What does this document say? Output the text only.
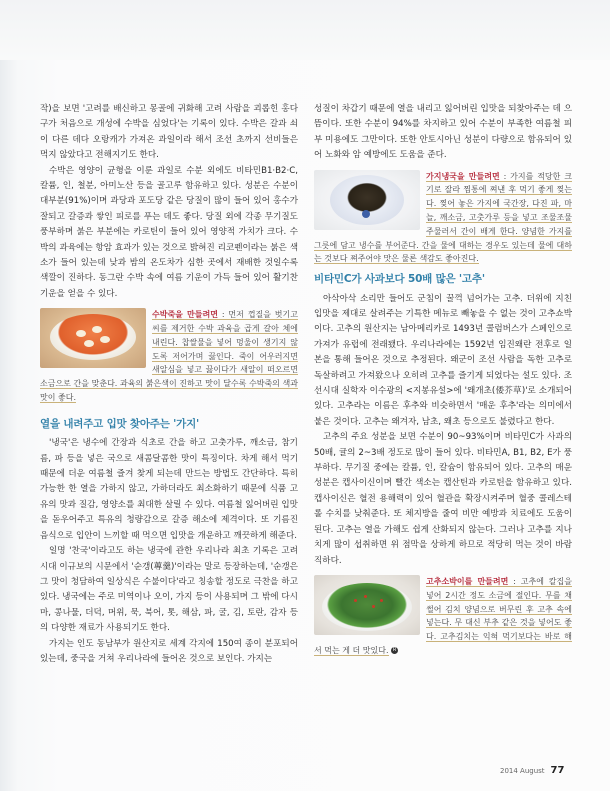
작)을 보면 '고려를 배신하고 몽골에 귀화해 고려 사람을 괴롭힌 홍다구가 처음으로 개성에 수박을 심었다'는 기록이 있다. 수박은 갈과 쇠이 다른 데다 오랑캐가 가져온 과일이라 해서 조선 초까지 선비들은 먹지 않았다고 전해지기도 한다.

수박은 영양이 균형을 이룬 과일로 수분 외에도 비타민B1·B2·C, 칼륨, 인, 철분, 아미노산 등을 골고루 함유하고 있다. 성분은 수분이 대부분(91%)이며 과당과 포도당 같은 당질이 많이 들어 있어 홍수가 잘되고 갈증과 쌓인 피로를 푸는 데도 좋다. 당질 외에 각종 무기질도 풍부하며 붉은 부분에는 카로틴이 들어 있어 영양적 가치가 크다. 수박의 과육에는 항암 효과가 있는 것으로 밝혀진 리코펜이라는 붉은 색소가 들어 있는데 낮과 밤의 온도차가 심한 곳에서 재배한 것일수록 색깔이 진하다. 동그란 수박 속에 여름 기운이 가득 들어 있어 활기찬 기운을 얻을 수 있다.

수박죽을 만들려면 : 먼저 껍질을 벗기고 씨를 제거한 수박 과육을 곱게 갈아 체에 내린다. 찹쌀물을 넣어 멍울이 생기지 않도록 저어가며 끓인다. 죽이 어우러지면 새알심을 넣고 끓이다가 새알이 떠오르면 소금으로 간을 맞춘다. 과육의 붉은색이 진하고 맛이 달수록 수박죽의 색과 맛이 좋다.
열을 내려주고 입맛 찾아주는 '가지'

'냉국'은 냉수에 간장과 식초로 간을 하고 고춧가루, 깨소금, 참기름, 파 등을 넣은 국으로 새콤달콤한 맛이 특징이다. 차게 해서 먹기 때문에 더운 여름철 즐겨 찾게 되는데 만드는 방법도 간단하다. 특히 가능한 한 열을 가하지 않고, 가하더라도 최소화하기 때문에 식품 고유의 맛과 질감, 영양소를 최대한 살릴 수 있다. 여름철 잃어버린 입맛을 돋우어주고 특유의 청량감으로 갈증 해소에 제격이다. 또 기름진 음식으로 입안이 느끼할 때 먹으면 입맛을 개운하고 깨끗하게 해준다.

일명 '찬국'이라고도 하는 냉국에 관한 우리나라 최초 기록은 고려시대 이규보의 시문에서 '순갱(蓴羹)'이라는 말로 등장하는데, '순갱은 그 맛이 청담하여 일상식은 수불이다'라고 칭송할 정도로 극찬을 하고 있다. 냉국에는 주로 미역이나 오이, 가지 등이 사용되며 그 밖에 다시마, 콩나물, 더덕, 머위, 묵, 북어, 톳, 해삼, 파, 굴, 김, 토란, 감자 등의 다양한 재료가 사용되기도 한다.

가지는 인도 동남부가 원산지로 세계 각지에 150여 종이 분포되어 있는데, 중국을 거쳐 우리나라에 들어온 것으로 보인다. 가지는

성질이 차갑기 때문에 열을 내리고 잃어버린 입맛을 되찾아주는 데 으뜸이다. 또한 수분이 94%를 차지하고 있어 수분이 부족한 여름철 피부 미용에도 그만이다. 또한 안토시아닌 성분이 다량으로 함유되어 있어 노화와 암 예방에도 도움을 준다.

가지냉국을 만들려면 : 가지를 적당한 크기로 잘라 찜통에 쪄낸 후 먹기 좋게 찢는다. 찢어 놓은 가지에 국간장, 다진 파, 마늘, 깨소금, 고춧가루 등을 넣고 조물조물 주물러서 간이 배게 한다. 양념한 가지를 그릇에 담고 냉수를 부어준다. 간을 물에 대하는 경우도 있는데 물에 대하는 것보다 쪄주어야 맛은 물론 색감도 좋아진다.
비타민C가 사과보다 50배 많은 '고추'

아삭아삭 소리만 들어도 군침이 꿀꺽 넘어가는 고추. 더위에 지친 입맛을 제대로 살려주는 기특한 메뉴로 빼놓을 수 없는 것이 고추쇼박이다. 고추의 원산지는 남아메리카로 1493년 콜럼버스가 스페인으로 가져가 유럽에 전래됐다. 우리나라에는 1592년 임진왜란 전후로 일본을 통해 들어온 것으로 추정된다. 왜군이 조선 사람을 독한 고추로 독살하려고 가져왔으나 오히려 고추를 즐기게 되었다는 설도 있다. 조선시대 실학자 이수광의 <지봉유설>에 '왜개초(倭芥草)'로 소개되어 있다. 고추라는 이름은 후추와 비슷하면서 '매운 후추'라는 의미에서 붙은 것이다. 고추는 왜겨자, 남초, 왜초 등으로도 불렸다고 한다.

고추의 주요 성분을 보면 수분이 90~93%이며 비타민C가 사과의 50배, 귤의 2~3배 정도로 많이 들어 있다. 비타민A, B1, B2, E가 풍부하다. 무기질 중에는 칼륨, 인, 칼슘이 함유되어 있다. 고추의 매운 성분은 캡사이신이며 빨간 색소는 캡산틴과 카로틴을 함유하고 있다. 캡사이신은 혈전 용해력이 있어 혈관을 확장시켜주며 혈중 콜레스테롤 수치를 낮춰준다. 또 체지방을 줄여 비만 예방과 치료에도 도움이 된다. 고추는 열을 가해도 쉽게 산화되지 않는다. 그러나 고추를 지나치게 많이 섭취하면 위 점막을 상하게 하므로 적당히 먹는 것이 바람직하다.

고추소박이를 만들려면 : 고추에 칼집을 넣어 2시간 정도 소금에 절인다. 무를 채썰어 김치 양념으로 버무린 후 고추 속에 넣는다. 무 대신 부추 같은 것을 넣어도 좋다. 고추김치는 익혀 먹기보다는 바로 해서 먹는 게 더 맛있다. R
2014 August 77
